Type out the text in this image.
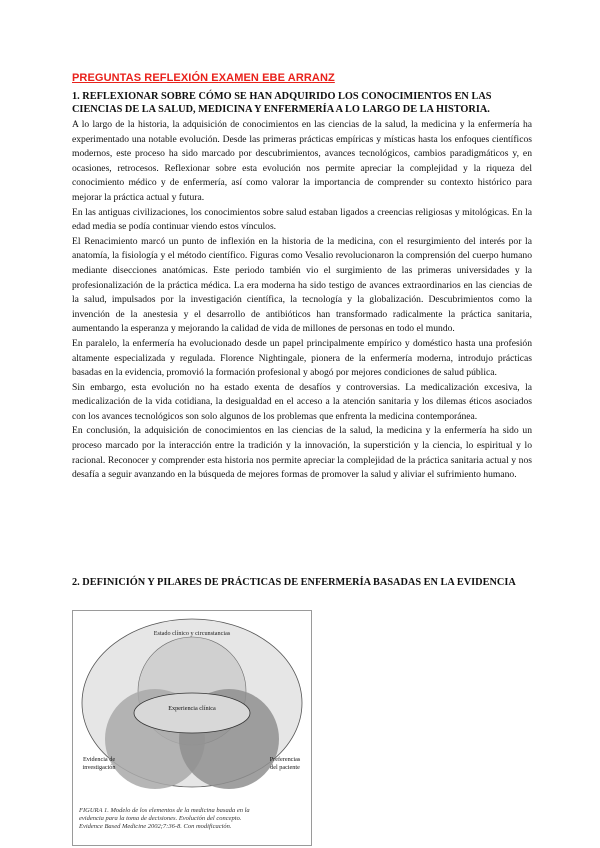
PREGUNTAS REFLEXIÓN EXAMEN EBE ARRANZ
1. REFLEXIONAR SOBRE CÓMO SE HAN ADQUIRIDO LOS CONOCIMIENTOS EN LAS CIENCIAS DE LA SALUD, MEDICINA Y ENFERMERÍA A LO LARGO DE LA HISTORIA.

A lo largo de la historia, la adquisición de conocimientos en las ciencias de la salud, la medicina y la enfermería ha experimentado una notable evolución. Desde las primeras prácticas empíricas y místicas hasta los enfoques científicos modernos, este proceso ha sido marcado por descubrimientos, avances tecnológicos, cambios paradigmáticos y, en ocasiones, retrocesos. Reflexionar sobre esta evolución nos permite apreciar la complejidad y la riqueza del conocimiento médico y de enfermería, así como valorar la importancia de comprender su contexto histórico para mejorar la práctica actual y futura.

En las antiguas civilizaciones, los conocimientos sobre salud estaban ligados a creencias religiosas y mitológicas. En la edad media se podía continuar viendo estos vínculos.

El Renacimiento marcó un punto de inflexión en la historia de la medicina, con el resurgimiento del interés por la anatomía, la fisiología y el método científico. Figuras como Vesalio revolucionaron la comprensión del cuerpo humano mediante disecciones anatómicas. Este periodo también vio el surgimiento de las primeras universidades y la profesionalización de la práctica médica. La era moderna ha sido testigo de avances extraordinarios en las ciencias de la salud, impulsados por la investigación científica, la tecnología y la globalización. Descubrimientos como la invención de la anestesia y el desarrollo de antibióticos han transformado radicalmente la práctica sanitaria, aumentando la esperanza y mejorando la calidad de vida de millones de personas en todo el mundo.

En paralelo, la enfermería ha evolucionado desde un papel principalmente empírico y doméstico hasta una profesión altamente especializada y regulada. Florence Nightingale, pionera de la enfermería moderna, introdujo prácticas basadas en la evidencia, promovió la formación profesional y abogó por mejores condiciones de salud pública.

Sin embargo, esta evolución no ha estado exenta de desafíos y controversias. La medicalización excesiva, la medicalización de la vida cotidiana, la desigualdad en el acceso a la atención sanitaria y los dilemas éticos asociados con los avances tecnológicos son solo algunos de los problemas que enfrenta la medicina contemporánea.

En conclusión, la adquisición de conocimientos en las ciencias de la salud, la medicina y la enfermería ha sido un proceso marcado por la interacción entre la tradición y la innovación, la superstición y la ciencia, lo espiritual y lo racional. Reconocer y comprender esta historia nos permite apreciar la complejidad de la práctica sanitaria actual y nos desafía a seguir avanzando en la búsqueda de mejores formas de promover la salud y aliviar el sufrimiento humano.

2. DEFINICIÓN Y PILARES DE PRÁCTICAS DE ENFERMERÍA BASADAS EN LA EVIDENCIA
Estado clínico y circunstancias
Experiencia clínica
Evidencia de
investigación
Preferencias
del paciente
FIGURA 1. Modelo de los elementos de la medicina basada en la
evidencia para la toma de decisiones. Evolución del concepto.
Evidence Based Medicine 2002;7:36-8. Con modificación.
